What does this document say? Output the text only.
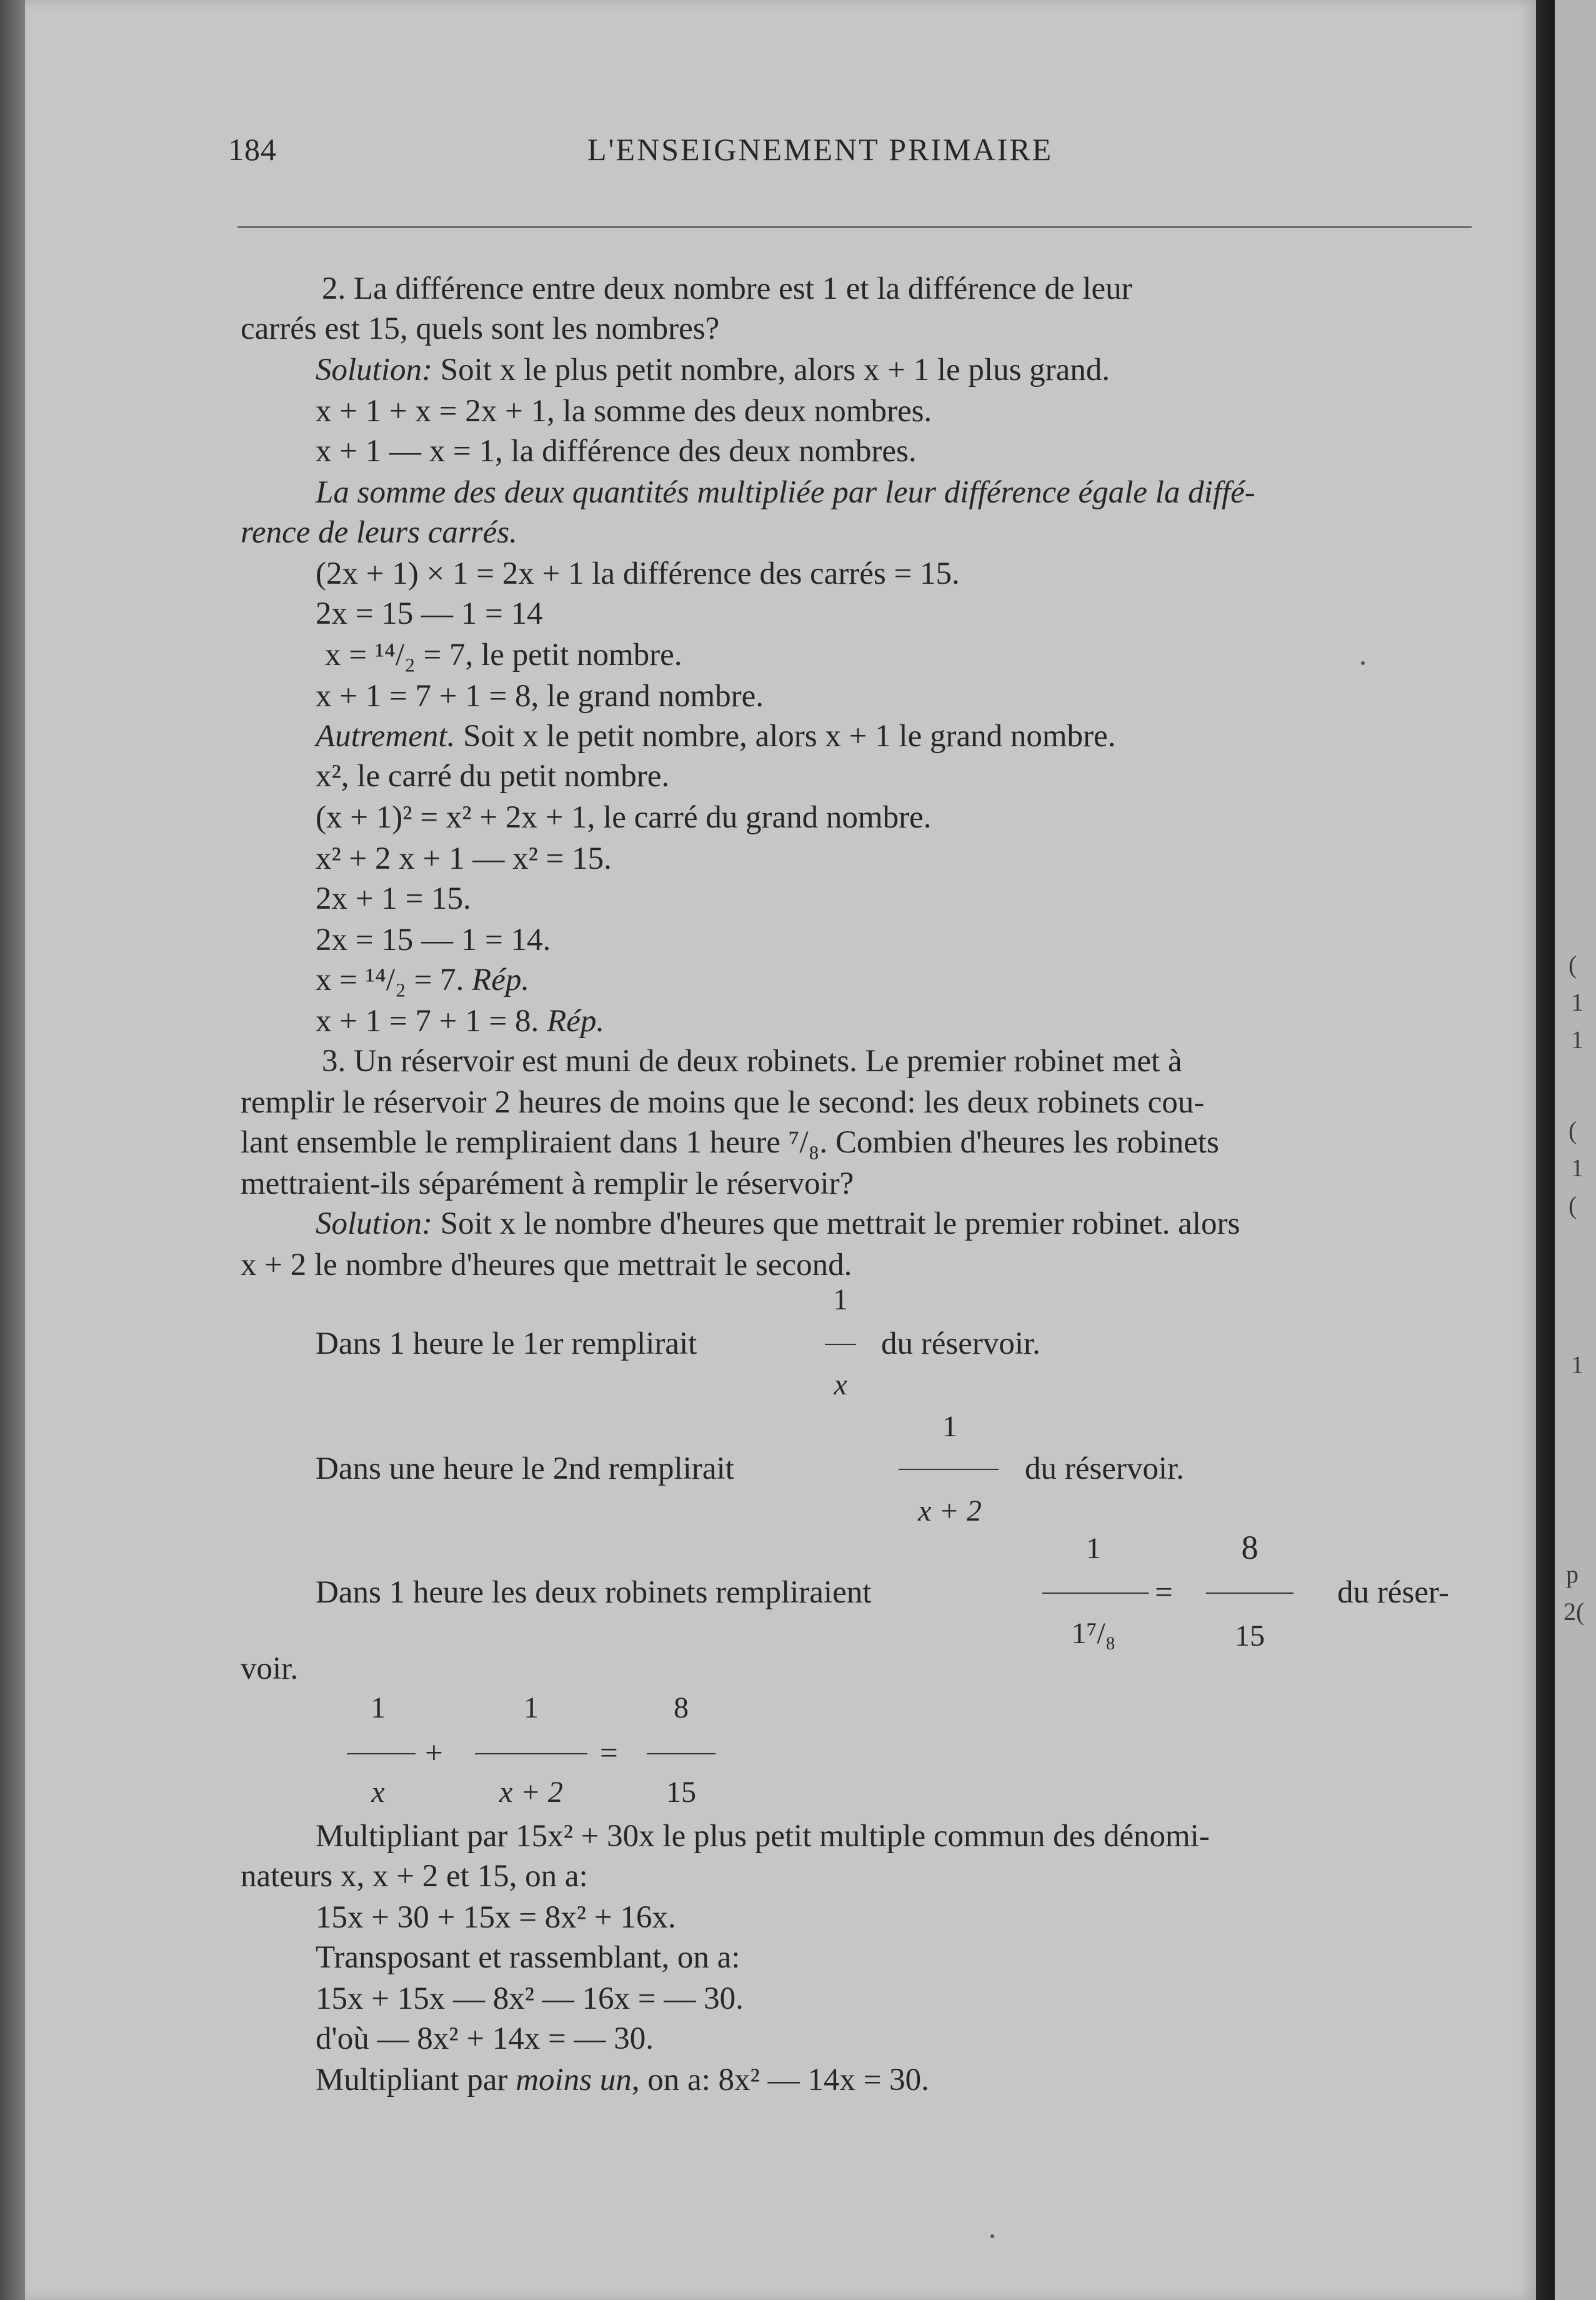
184	L'ENSEIGNEMENT PRIMAIRE
2. La différence entre deux nombre est 1 et la différence de leur
carrés est 15, quels sont les nombres?
Solution: Soit x le plus petit nombre, alors x + 1 le plus grand.
x + 1 + x = 2x + 1, la somme des deux nombres.
x + 1 — x = 1, la différence des deux nombres.
La somme des deux quantités multipliée par leur différence égale la diffé-
rence de leurs carrés.
(2x + 1) × 1 = 2x + 1 la différence des carrés = 15.
2x = 15 — 1 = 14
x = ¹⁴/₂ = 7, le petit nombre.
x + 1 = 7 + 1 = 8, le grand nombre.
Autrement. Soit x le petit nombre, alors x + 1 le grand nombre.
x², le carré du petit nombre.
(x + 1)² = x² + 2x + 1, le carré du grand nombre.
x² + 2 x + 1 — x² = 15.
2x + 1 = 15.
2x = 15 — 1 = 14.
x = ¹⁴/₂ = 7. Rép.
x + 1 = 7 + 1 = 8. Rép.
3. Un réservoir est muni de deux robinets. Le premier robinet met à
remplir le réservoir 2 heures de moins que le second: les deux robinets cou-
lant ensemble le rempliraient dans 1 heure ⁷/₈. Combien d'heures les robinets
mettraient-ils séparément à remplir le réservoir?
Solution: Soit x le nombre d'heures que mettrait le premier robinet. alors
x + 2 le nombre d'heures que mettrait le second.
1
Dans 1 heure le 1er remplirait	du réservoir.
x
1
Dans une heure le 2nd remplirait	du réservoir.
x + 2
1	8
Dans 1 heure les deux robinets rempliraient	=	du réser-
1⁷/₈	15
voir.
1	1	8
+	=
x	x + 2	15
Multipliant par 15x² + 30x le plus petit multiple commun des dénomi-
nateurs x, x + 2 et 15, on a:
15x + 30 + 15x = 8x² + 16x.
Transposant et rassemblant, on a:
15x + 15x — 8x² — 16x = — 30.
d'où — 8x² + 14x = — 30.
Multipliant par moins un, on a: 8x² — 14x = 30.
(
1
1
(
1
(
1
p
2(
